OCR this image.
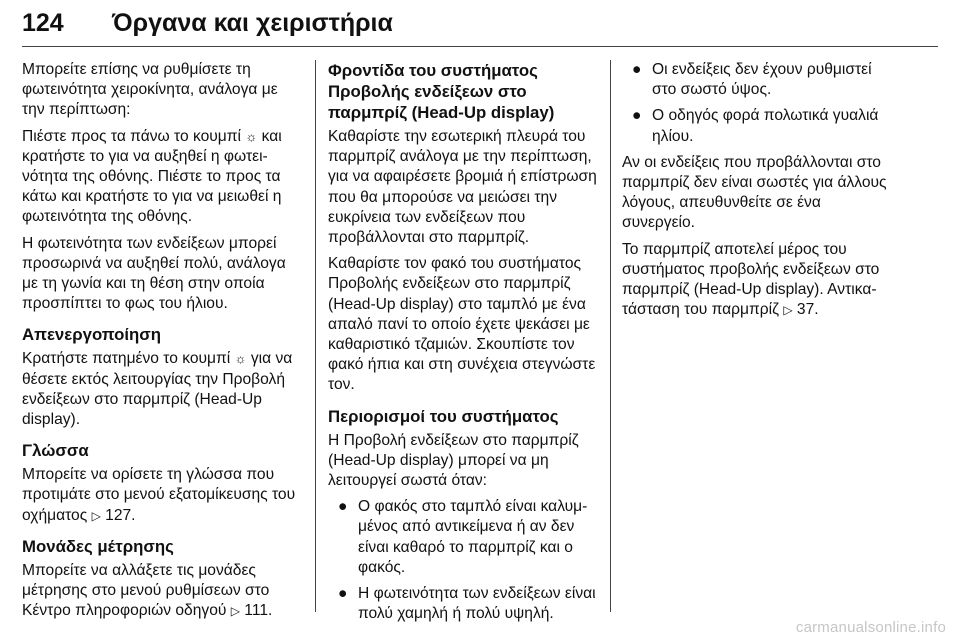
124 Όργανα και χειριστήρια

Μπορείτε επίσης να ρυθμίσετε τη φωτεινότητα χειροκίνητα, ανάλογα με την περίπτωση:

Πιέστε προς τα πάνω το κουμπί ☼ και κρατήστε το για να αυξηθεί η φωτεινότητα της οθόνης. Πιέστε το προς τα κάτω και κρατήστε το για να μειωθεί η φωτεινότητα της οθόνης.

Η φωτεινότητα των ενδείξεων μπορεί προσωρινά να αυξηθεί πολύ, ανάλογα με τη γωνία και τη θέση στην οποία προσπίπτει το φως του ήλιου.

Απενεργοποίηση

Κρατήστε πατημένο το κουμπί ☼ για να θέσετε εκτός λειτουργίας την Προβολή ενδείξεων στο παρμπρίζ (Head-Up display).

Γλώσσα

Μπορείτε να ορίσετε τη γλώσσα που προτιμάτε στο μενού εξατομίκευσης του οχήματος ▷ 127.

Μονάδες μέτρησης

Μπορείτε να αλλάξετε τις μονάδες μέτρησης στο μενού ρυθμίσεων στο Κέντρο πληροφοριών οδηγού ▷ 111.

Φροντίδα του συστήματος Προβολής ενδείξεων στο παρμπρίζ (Head-Up display)

Καθαρίστε την εσωτερική πλευρά του παρμπρίζ ανάλογα με την περίπτωση, για να αφαιρέσετε βρομιά ή επίστρωση που θα μπορούσε να μειώσει την ευκρίνεια των ενδείξεων που προβάλλονται στο παρμπρίζ.

Καθαρίστε τον φακό του συστήματος Προβολής ενδείξεων στο παρμπρίζ (Head-Up display) στο ταμπλό με ένα απαλό πανί το οποίο έχετε ψεκάσει με καθαριστικό τζαμιών. Σκουπίστε τον φακό ήπια και στη συνέχεια στεγνώστε τον.

Περιορισμοί του συστήματος

Η Προβολή ενδείξεων στο παρμπρίζ (Head-Up display) μπορεί να μη λειτουργεί σωστά όταν:

● Ο φακός στο ταμπλό είναι καλυμμένος από αντικείμενα ή αν δεν είναι καθαρό το παρμπρίζ και ο φακός.
● Η φωτεινότητα των ενδείξεων είναι πολύ χαμηλή ή πολύ υψηλή.
● Οι ενδείξεις δεν έχουν ρυθμιστεί στο σωστό ύψος.
● Ο οδηγός φορά πολωτικά γυαλιά ηλίου.

Αν οι ενδείξεις που προβάλλονται στο παρμπρίζ δεν είναι σωστές για άλλους λόγους, απευθυνθείτε σε ένα συνεργείο.

Το παρμπρίζ αποτελεί μέρος του συστήματος προβολής ενδείξεων στο παρμπρίζ (Head-Up display). Αντικατάσταση του παρμπρίζ ▷ 37.

carmanualsonline.info
